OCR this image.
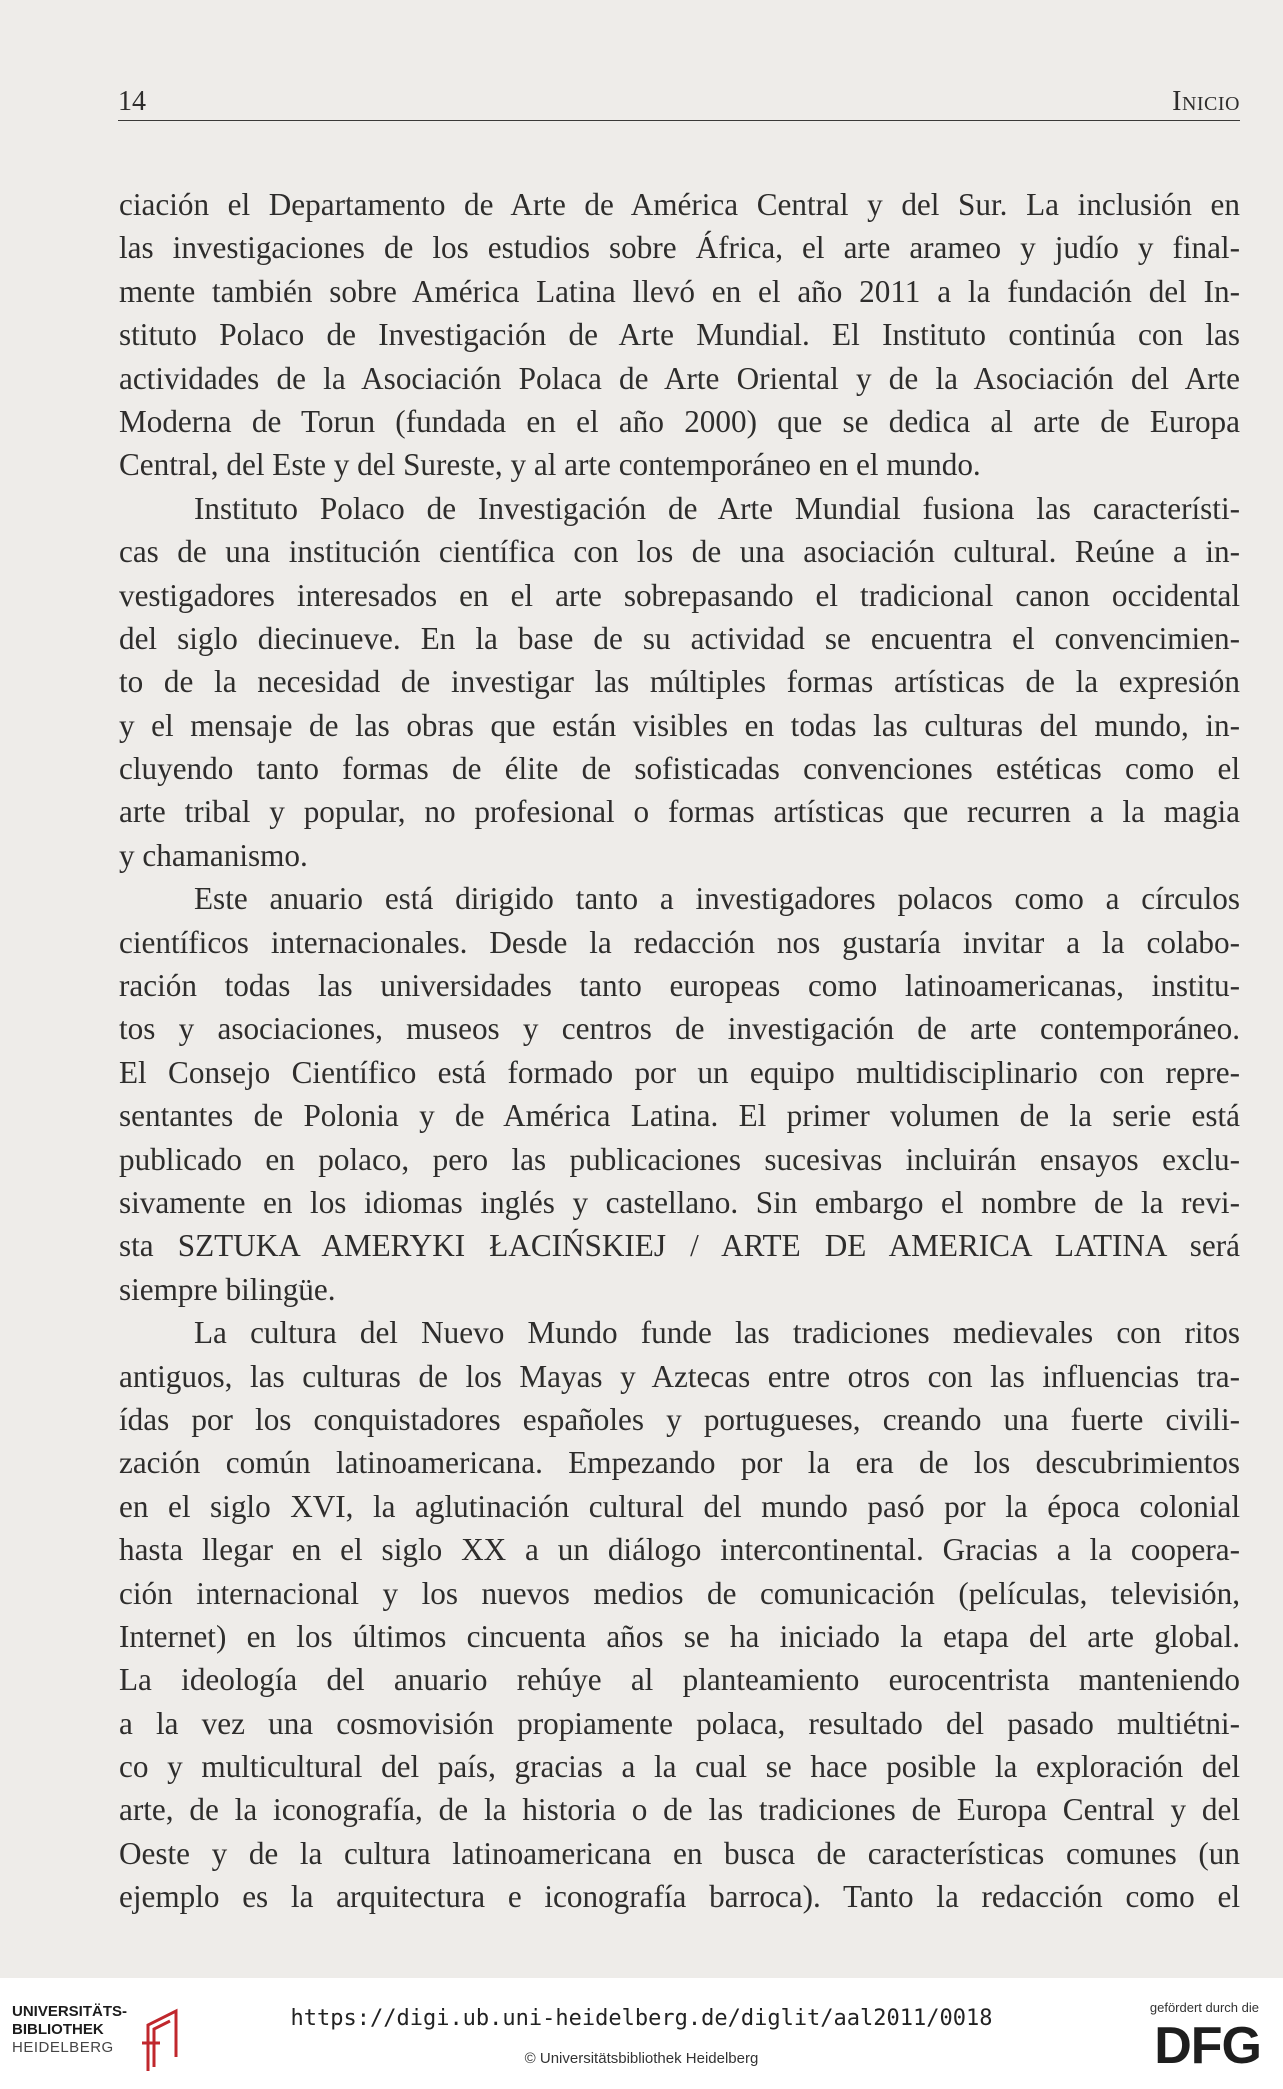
14	Inicio
ciación el Departamento de Arte de América Central y del Sur. La inclusión en
las investigaciones de los estudios sobre África, el arte arameo y judío y final-
mente también sobre América Latina llevó en el año 2011 a la fundación del In-
stituto Polaco de Investigación de Arte Mundial. El Instituto continúa con las
actividades de la Asociación Polaca de Arte Oriental y de la Asociación del Arte
Moderna de Torun (fundada en el año 2000) que se dedica al arte de Europa
Central, del Este y del Sureste, y al arte contemporáneo en el mundo.
Instituto Polaco de Investigación de Arte Mundial fusiona las característi-
cas de una institución científica con los de una asociación cultural. Reúne a in-
vestigadores interesados en el arte sobrepasando el tradicional canon occidental
del siglo diecinueve. En la base de su actividad se encuentra el convencimien-
to de la necesidad de investigar las múltiples formas artísticas de la expresión
y el mensaje de las obras que están visibles en todas las culturas del mundo, in-
cluyendo tanto formas de élite de sofisticadas convenciones estéticas como el
arte tribal y popular, no profesional o formas artísticas que recurren a la magia
y chamanismo.
Este anuario está dirigido tanto a investigadores polacos como a círculos
científicos internacionales. Desde la redacción nos gustaría invitar a la colabo-
ración todas las universidades tanto europeas como latinoamericanas, institu-
tos y asociaciones, museos y centros de investigación de arte contemporáneo.
El Consejo Científico está formado por un equipo multidisciplinario con repre-
sentantes de Polonia y de América Latina. El primer volumen de la serie está
publicado en polaco, pero las publicaciones sucesivas incluirán ensayos exclu-
sivamente en los idiomas inglés y castellano. Sin embargo el nombre de la revi-
sta SZTUKA AMERYKI ŁACIŃSKIEJ / ARTE DE AMERICA LATINA será
siempre bilingüe.
La cultura del Nuevo Mundo funde las tradiciones medievales con ritos
antiguos, las culturas de los Mayas y Aztecas entre otros con las influencias tra-
ídas por los conquistadores españoles y portugueses, creando una fuerte civili-
zación común latinoamericana. Empezando por la era de los descubrimientos
en el siglo XVI, la aglutinación cultural del mundo pasó por la época colonial
hasta llegar en el siglo XX a un diálogo intercontinental. Gracias a la coopera-
ción internacional y los nuevos medios de comunicación (películas, televisión,
Internet) en los últimos cincuenta años se ha iniciado la etapa del arte global.
La ideología del anuario rehúye al planteamiento eurocentrista manteniendo
a la vez una cosmovisión propiamente polaca, resultado del pasado multiétni-
co y multicultural del país, gracias a la cual se hace posible la exploración del
arte, de la iconografía, de la historia o de las tradiciones de Europa Central y del
Oeste y de la cultura latinoamericana en busca de características comunes (un
ejemplo es la arquitectura e iconografía barroca). Tanto la redacción como el
UNIVERSITÄTS-
BIBLIOTHEK
HEIDELBERG
https://digi.ub.uni-heidelberg.de/diglit/aal2011/0018
© Universitätsbibliothek Heidelberg
gefördert durch die
DFG
